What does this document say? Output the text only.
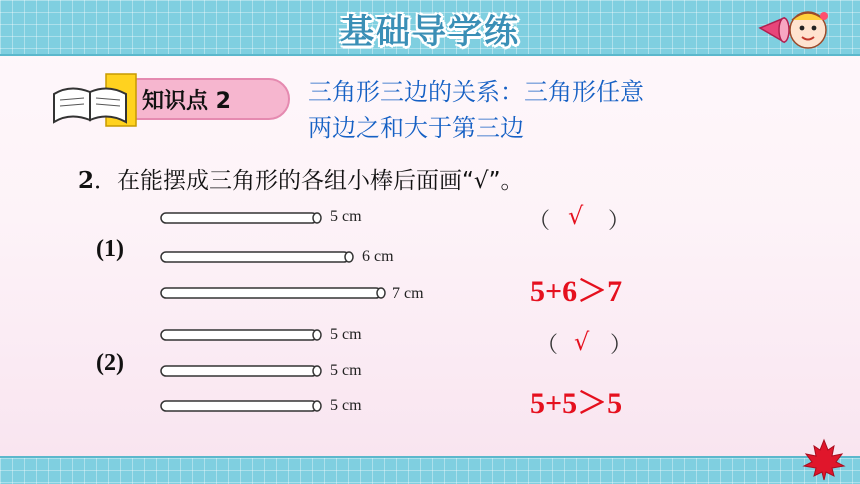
基础导学练
知识点 2	三角形三边的关系：三角形任意
两边之和大于第三边
2．在能摆成三角形的各组小棒后面画“√”。
(1)
5 cm
6 cm
7 cm
（ √ ）
5+6＞7
(2)
5 cm
5 cm
5 cm
（ √ ）
5+5＞5
